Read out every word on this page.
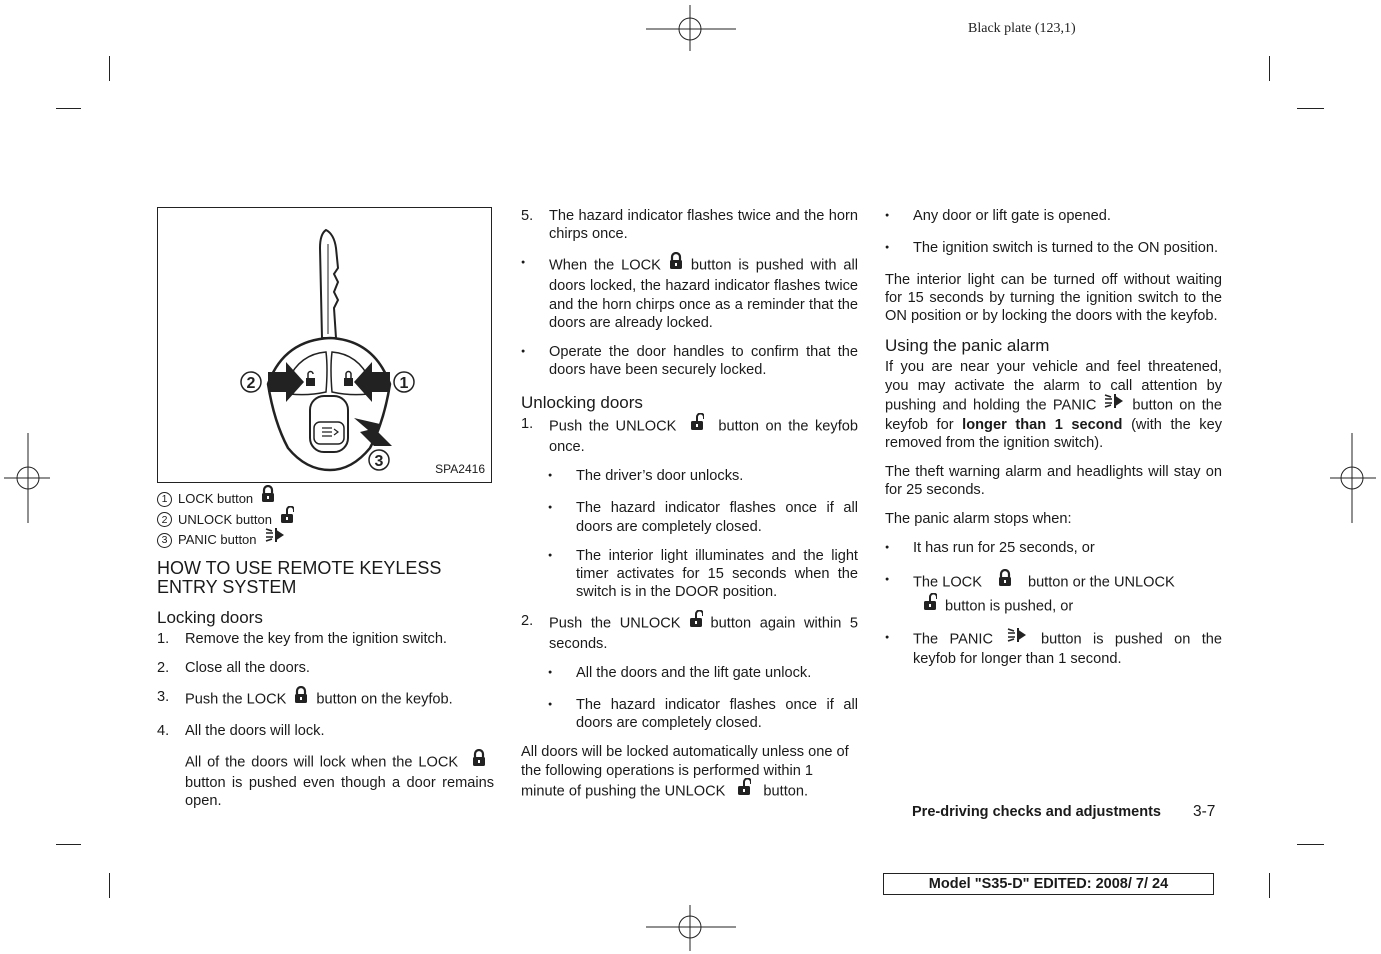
Black plate (123,1)
2	1
3	SPA2416
1 LOCK button
2 UNLOCK button
3 PANIC button
HOW TO USE REMOTE KEYLESS ENTRY SYSTEM
Locking doors
1.	Remove the key from the ignition switch.
2.	Close all the doors.
3.	Push the LOCK button on the keyfob.
4.	All the doors will lock.

All of the doors will lock when the LOCK button is pushed even though a door remains open.

5.	The hazard indicator flashes twice and the horn chirps once.
●
When the LOCK button is pushed with all doors locked, the hazard indicator flashes twice and the horn chirps once as a reminder that the doors are already locked.
●
Operate the door handles to confirm that the doors have been securely locked.
Unlocking doors
1.	Push the UNLOCK	button on the keyfob once.
●
The driver’s door unlocks.
●
The hazard indicator flashes once if all doors are completely closed.
●
The interior light illuminates and the light timer activates for 15 seconds when the switch is in the DOOR position.
2.	Push the UNLOCK button again within 5 seconds.
●
All the doors and the lift gate unlock.
●
The hazard indicator flashes once if all doors are completely closed.

All doors will be locked automatically unless one of the following operations is performed within 1 minute of pushing the UNLOCK	button.

●
Any door or lift gate is opened.
●
The ignition switch is turned to the ON position.

The interior light can be turned off without waiting for 15 seconds by turning the ignition switch to the ON position or by locking the doors with the keyfob.

Using the panic alarm

If you are near your vehicle and feel threatened, you may activate the alarm to call attention by pushing and holding the PANIC button on the keyfob for longer than 1 second (with the key removed from the ignition switch).

The theft warning alarm and headlights will stay on for 25 seconds.

The panic alarm stops when:

●
It has run for 25 seconds, or
●
The LOCK	button or the UNLOCK
button is pushed, or
●
The PANIC	button is pushed on the keyfob for longer than 1 second.
Pre-driving checks and adjustments 3-7
Model "S35-D" EDITED: 2008/ 7/ 24
